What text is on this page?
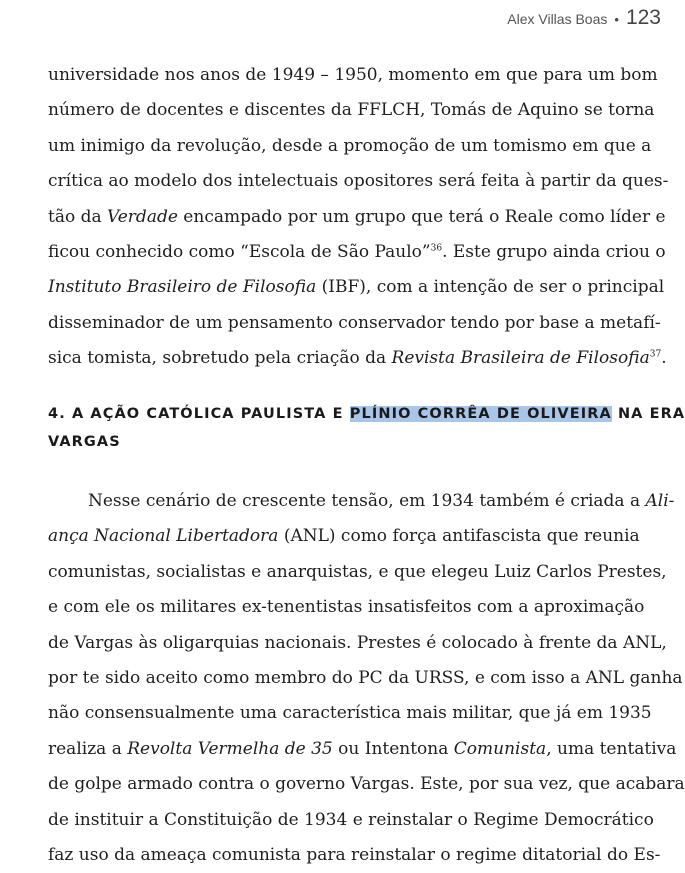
Alex Villas Boas • 123
universidade nos anos de 1949 – 1950, momento em que para um bom
número de docentes e discentes da FFLCH, Tomás de Aquino se torna
um inimigo da revolução, desde a promoção de um tomismo em que a
crítica ao modelo dos intelectuais opositores será feita à partir da ques-
tão da Verdade encampado por um grupo que terá o Reale como líder e
ficou conhecido como “Escola de São Paulo”$^{36}$. Este grupo ainda criou o
Instituto Brasileiro de Filosofia (IBF), com a intenção de ser o principal
disseminador de um pensamento conservador tendo por base a metafí-
sica tomista, sobretudo pela criação da Revista Brasileira de Filosofia$^{37}$.
4. A AÇÃO CATÓLICA PAULISTA E PLÍNIO CORRÊA DE OLIVEIRA NA ERA
VARGAS
Nesse cenário de crescente tensão, em 1934 também é criada a Ali-
ança Nacional Libertadora (ANL) como força antifascista que reunia
comunistas, socialistas e anarquistas, e que elegeu Luiz Carlos Prestes,
e com ele os militares ex-tenentistas insatisfeitos com a aproximação
de Vargas às oligarquias nacionais. Prestes é colocado à frente da ANL,
por te sido aceito como membro do PC da URSS, e com isso a ANL ganha
não consensualmente uma característica mais militar, que já em 1935
realiza a Revolta Vermelha de 35 ou Intentona Comunista, uma tentativa
de golpe armado contra o governo Vargas. Este, por sua vez, que acabara
de instituir a Constituição de 1934 e reinstalar o Regime Democrático
faz uso da ameaça comunista para reinstalar o regime ditatorial do Es-
